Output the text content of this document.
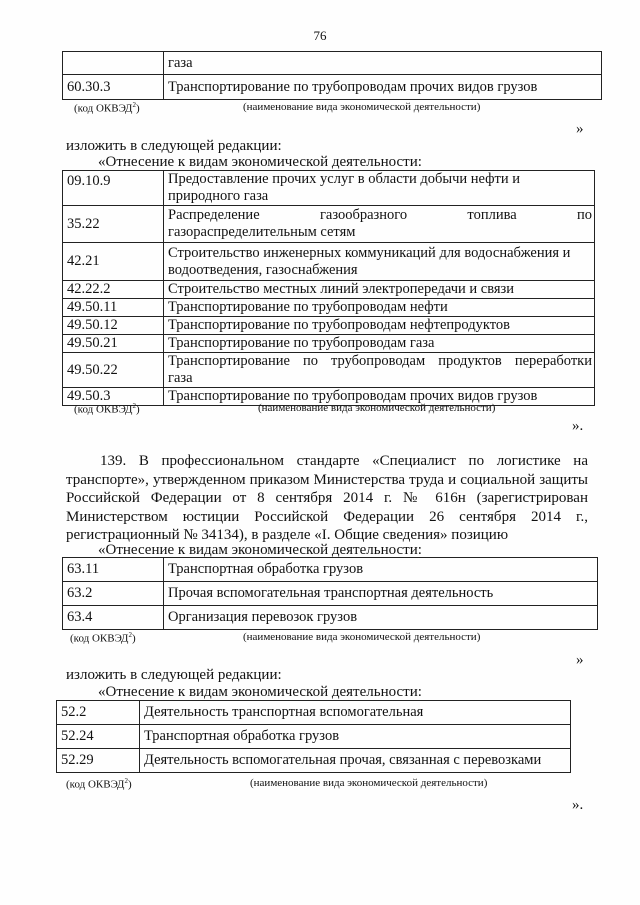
76
	газа
60.30.3	Транспортирование по трубопроводам прочих видов грузов
(код ОКВЭД$^2$)	(наименование вида экономической деятельности)
»
изложить в следующей редакции:
«Отнесение к видам экономической деятельности:
09.10.9	Предоставление прочих услуг в области добычи нефти и
природного газа

35.22	Распределение газообразного топлива по
газораспределительным сетям

42.21	Строительство инженерных коммуникаций для водоснабжения и
водоотведения, газоснабжения

42.22.2	Строительство местных линий электропередачи и связи
49.50.11	Транспортирование по трубопроводам нефти
49.50.12	Транспортирование по трубопроводам нефтепродуктов
49.50.21	Транспортирование по трубопроводам газа
49.50.22	Транспортирование по трубопроводам продуктов переработки
газа

49.50.3	Транспортирование по трубопроводам прочих видов грузов
(код ОКВЭД$^2$)	(наименование вида экономической деятельности)
».
139. В профессиональном стандарте «Специалист по логистике на транспорте», утвержденном приказом Министерства труда и социальной защиты Российской Федерации от 8 сентября 2014 г. № 616н (зарегистрирован Министерством юстиции Российской Федерации 26 сентября 2014 г., регистрационный № 34134), в разделе «I. Общие сведения» позицию
«Отнесение к видам экономической деятельности:
63.11	Транспортная обработка грузов
63.2	Прочая вспомогательная транспортная деятельность
63.4	Организация перевозок грузов
(код ОКВЭД$^2$)	(наименование вида экономической деятельности)
»
изложить в следующей редакции:
«Отнесение к видам экономической деятельности:
52.2	Деятельность транспортная вспомогательная
52.24	Транспортная обработка грузов
52.29	Деятельность вспомогательная прочая, связанная с перевозками
(код ОКВЭД$^2$)	(наименование вида экономической деятельности)
».
